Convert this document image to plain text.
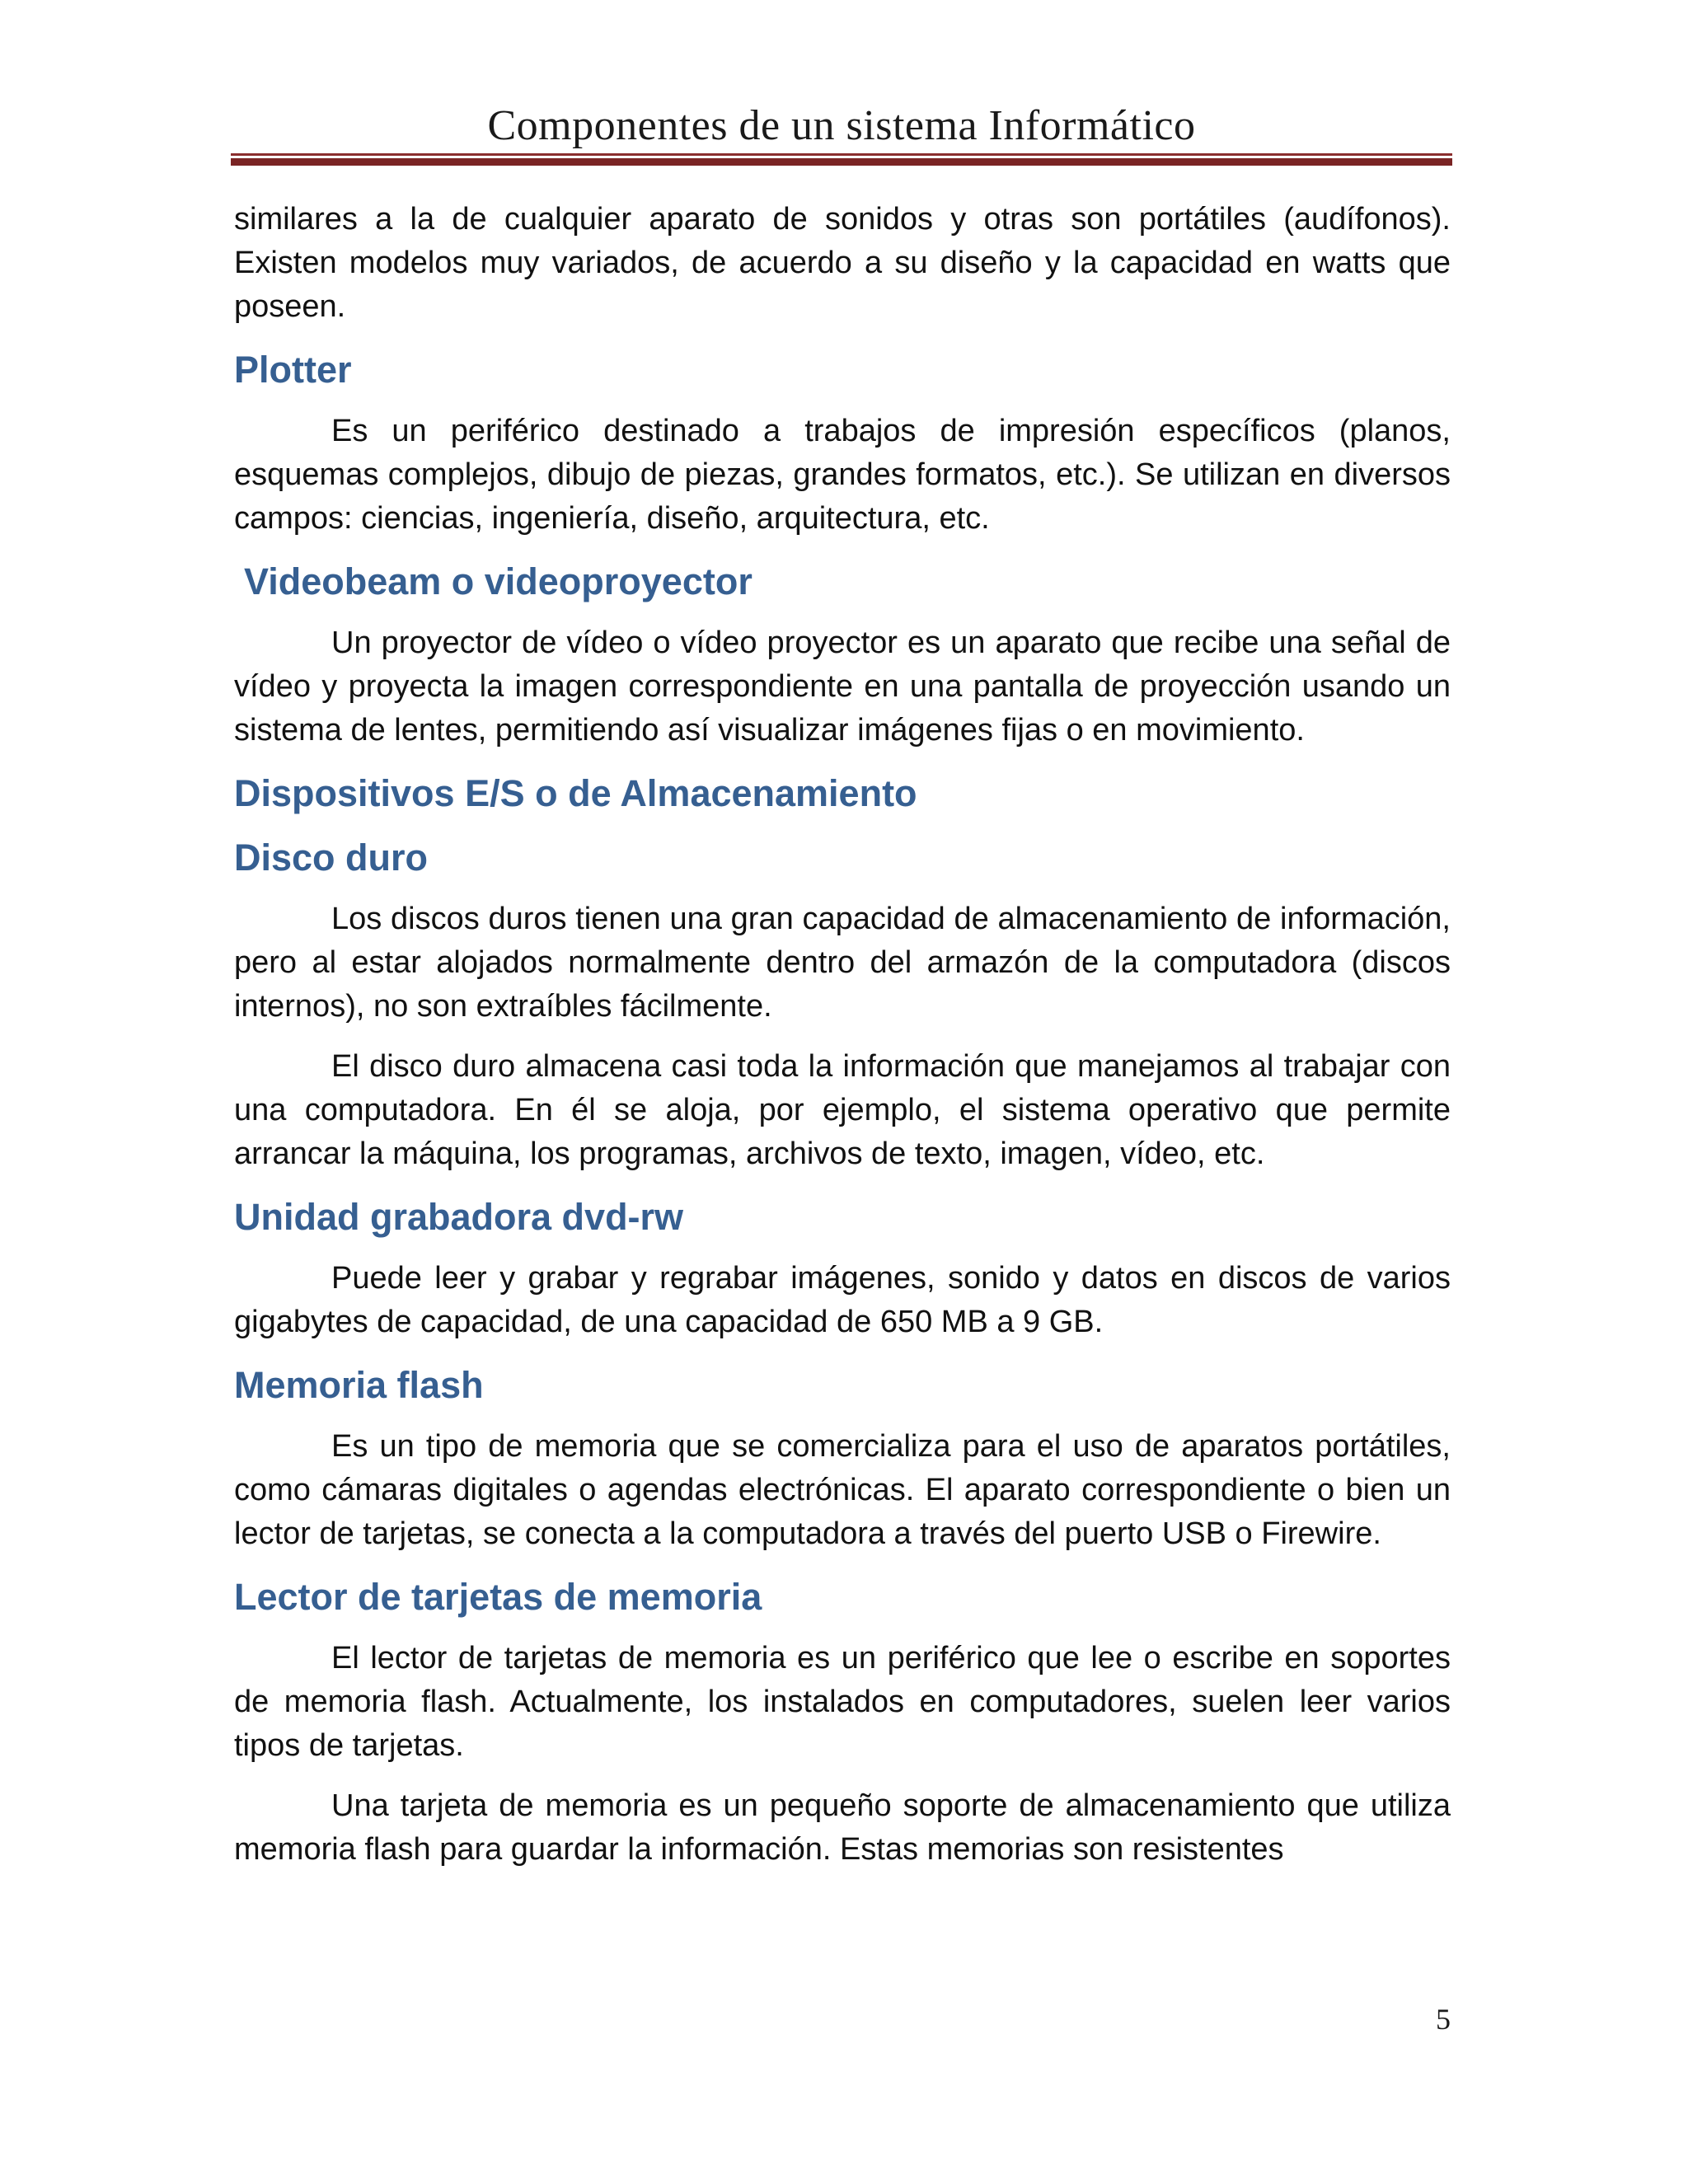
Componentes de un sistema Informático

similares a la de cualquier aparato de sonidos y otras son portátiles (audífonos). Existen modelos muy variados, de acuerdo a su diseño y la capacidad en watts que poseen.

Plotter

Es un periférico destinado a trabajos de impresión específicos (planos, esquemas complejos, dibujo de piezas, grandes formatos, etc.). Se utilizan en diversos campos: ciencias, ingeniería, diseño, arquitectura, etc.

Videobeam o videoproyector

Un proyector de vídeo o vídeo proyector es un aparato que recibe una señal de vídeo y proyecta la imagen correspondiente en una pantalla de proyección usando un sistema de lentes, permitiendo así visualizar imágenes fijas o en movimiento.

Dispositivos E/S o de Almacenamiento
Disco duro

Los discos duros tienen una gran capacidad de almacenamiento de información, pero al estar alojados normalmente dentro del armazón de la computadora (discos internos), no son extraíbles fácilmente.

El disco duro almacena casi toda la información que manejamos al trabajar con una computadora. En él se aloja, por ejemplo, el sistema operativo que permite arrancar la máquina, los programas, archivos de texto, imagen, vídeo, etc.

Unidad grabadora dvd-rw

Puede leer y grabar y regrabar imágenes, sonido y datos en discos de varios gigabytes de capacidad, de una capacidad de 650 MB a 9 GB.

Memoria flash

Es un tipo de memoria que se comercializa para el uso de aparatos portátiles, como cámaras digitales o agendas electrónicas. El aparato correspondiente o bien un lector de tarjetas, se conecta a la computadora a través del puerto USB o Firewire.

Lector de tarjetas de memoria

El lector de tarjetas de memoria es un periférico que lee o escribe en soportes de memoria flash. Actualmente, los instalados en computadores, suelen leer varios tipos de tarjetas.

Una tarjeta de memoria es un pequeño soporte de almacenamiento que utiliza memoria flash para guardar la información. Estas memorias son resistentes

5
